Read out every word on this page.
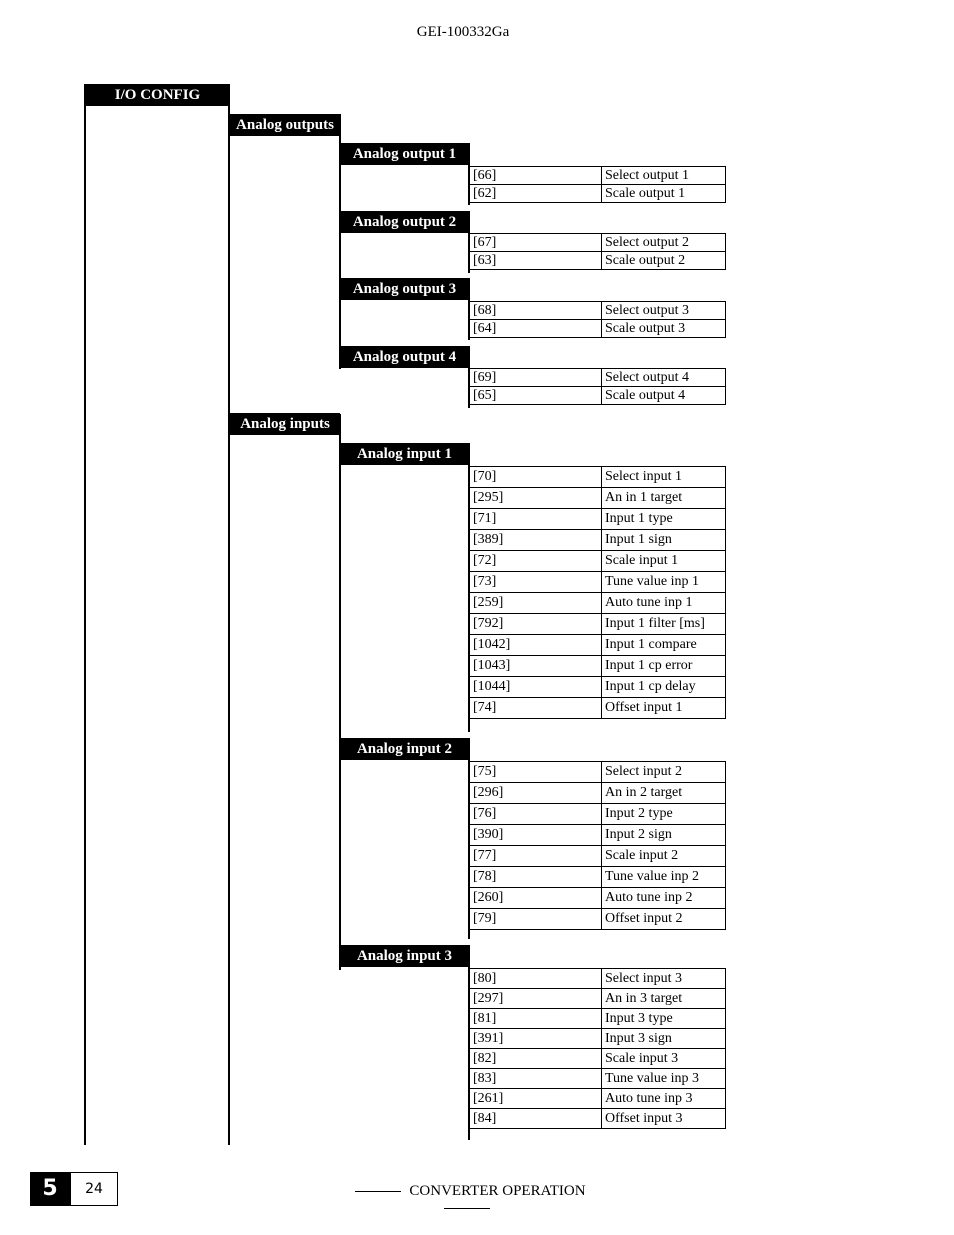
GEI-100332Ga
I/O CONFIG
Analog outputs
Analog inputs
Analog output 1
Analog output 2
Analog output 3
Analog output 4
Analog input 1
Analog input 2
Analog input 3
[66]	Select output 1
[62]	Scale output 1
[67]	Select output 2
[63]	Scale output 2
[68]	Select output 3
[64]	Scale output 3
[69]	Select output 4
[65]	Scale output 4
[70]	Select input 1
[295]	An in 1 target
[71]	Input 1 type
[389]	Input 1 sign
[72]	Scale input 1
[73]	Tune value inp 1
[259]	Auto tune inp 1
[792]	Input 1 filter [ms]
[1042]	Input 1 compare
[1043]	Input 1 cp error
[1044]	Input 1 cp delay
[74]	Offset input 1
[75]	Select input 2
[296]	An in 2 target
[76]	Input 2 type
[390]	Input 2 sign
[77]	Scale input 2
[78]	Tune value inp 2
[260]	Auto tune inp 2
[79]	Offset input 2
[80]	Select input 3
[297]	An in 3 target
[81]	Input 3 type
[391]	Input 3 sign
[82]	Scale input 3
[83]	Tune value inp 3
[261]	Auto tune inp 3
[84]	Offset input 3
5	24	CONVERTER OPERATION
